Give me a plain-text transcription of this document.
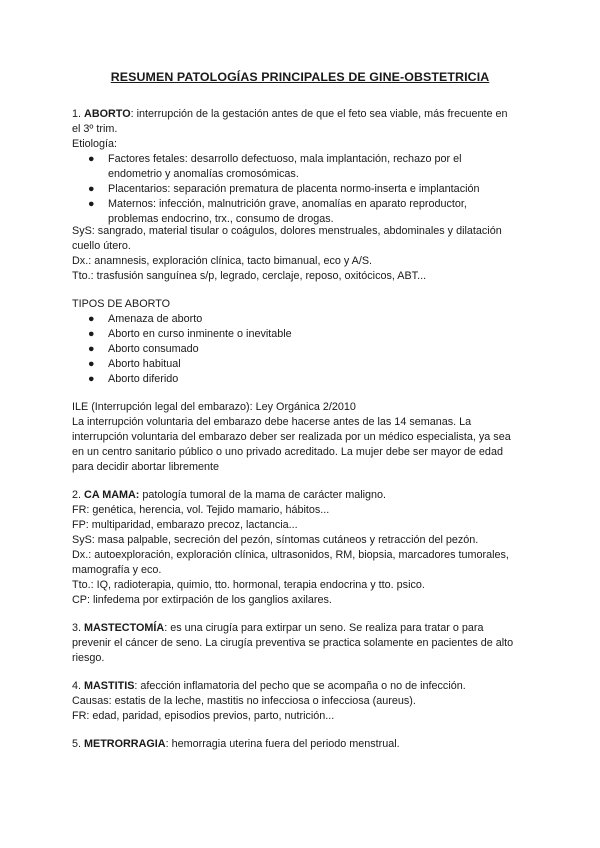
RESUMEN PATOLOGÍAS PRINCIPALES DE GINE-OBSTETRICIA
1. ABORTO: interrupción de la gestación antes de que el feto sea viable, más frecuente en
el 3º trim.
Etiología:
● Factores fetales: desarrollo defectuoso, mala implantación, rechazo por el
endometrio y anomalías cromosómicas.
● Placentarios: separación prematura de placenta normo-inserta e implantación
● Maternos: infección, malnutrición grave, anomalías en aparato reproductor,
problemas endocrino, trx., consumo de drogas.
SyS: sangrado, material tisular o coágulos, dolores menstruales, abdominales y dilatación
cuello útero.
Dx.: anamnesis, exploración clínica, tacto bimanual, eco y A/S.
Tto.: trasfusión sanguínea s/p, legrado, cerclaje, reposo, oxitócicos, ABT...
TIPOS DE ABORTO
● Amenaza de aborto
● Aborto en curso inminente o inevitable
● Aborto consumado
● Aborto habitual
● Aborto diferido
ILE (Interrupción legal del embarazo): Ley Orgánica 2/2010
La interrupción voluntaria del embarazo debe hacerse antes de las 14 semanas. La
interrupción voluntaria del embarazo deber ser realizada por un médico especialista, ya sea
en un centro sanitario público o uno privado acreditado. La mujer debe ser mayor de edad
para decidir abortar libremente
2. CA MAMA: patología tumoral de la mama de carácter maligno.
FR: genética, herencia, vol. Tejido mamario, hábitos...
FP: multiparidad, embarazo precoz, lactancia...
SyS: masa palpable, secreción del pezón, síntomas cutáneos y retracción del pezón.
Dx.: autoexploración, exploración clínica, ultrasonidos, RM, biopsia, marcadores tumorales,
mamografía y eco.
Tto.: IQ, radioterapia, quimio, tto. hormonal, terapia endocrina y tto. psico.
CP: linfedema por extirpación de los ganglios axilares.
3. MASTECTOMÍA: es una cirugía para extirpar un seno. Se realiza para tratar o para
prevenir el cáncer de seno. La cirugía preventiva se practica solamente en pacientes de alto
riesgo.
4. MASTITIS: afección inflamatoria del pecho que se acompaña o no de infección.
Causas: estatis de la leche, mastitis no infecciosa o infecciosa (aureus).
FR: edad, paridad, episodios previos, parto, nutrición...
5. METRORRAGIA: hemorragia uterina fuera del periodo menstrual.
